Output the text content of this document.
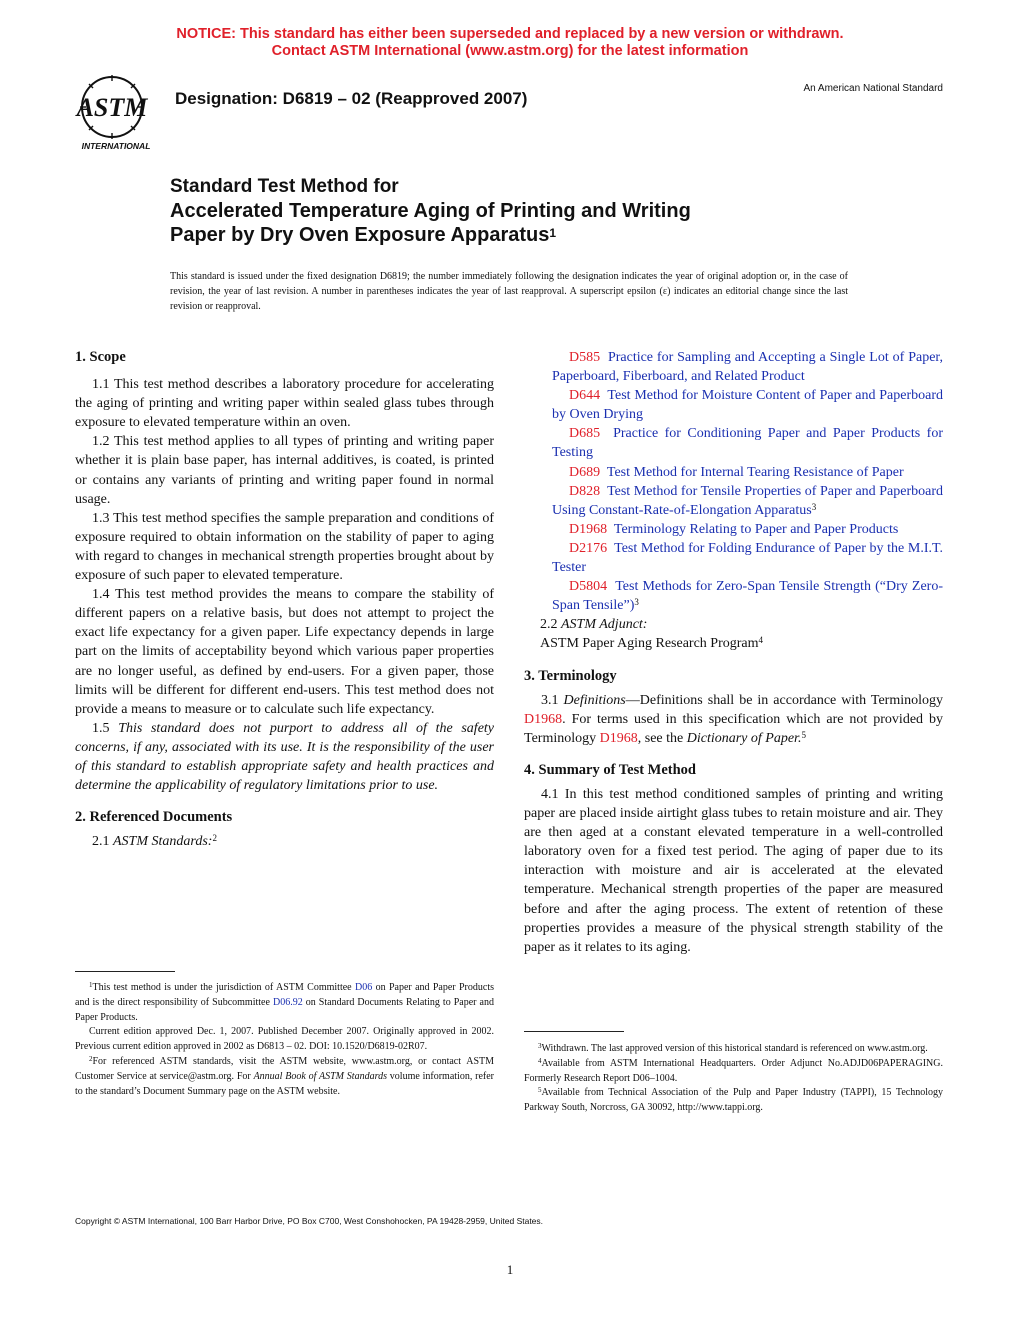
NOTICE: This standard has either been superseded and replaced by a new version or withdrawn.
Contact ASTM International (www.astm.org) for the latest information
ASTM
INTERNATIONAL
Designation: D6819 – 02 (Reapproved 2007)
An American National Standard
Standard Test Method for
Accelerated Temperature Aging of Printing and Writing
Paper by Dry Oven Exposure Apparatus$^1$
This standard is issued under the fixed designation D6819; the number immediately following the designation indicates the year of original adoption or, in the case of revision, the year of last revision. A number in parentheses indicates the year of last reapproval. A superscript epsilon (ε) indicates an editorial change since the last revision or reapproval.
1. Scope

1.1 This test method describes a laboratory procedure for accelerating the aging of printing and writing paper within sealed glass tubes through exposure to elevated temperature within an oven.

1.2 This test method applies to all types of printing and writing paper whether it is plain base paper, has internal additives, is coated, is printed or contains any variants of printing and writing paper found in normal usage.

1.3 This test method specifies the sample preparation and conditions of exposure required to obtain information on the stability of paper to aging with regard to changes in mechanical strength properties brought about by exposure of such paper to elevated temperature.

1.4 This test method provides the means to compare the stability of different papers on a relative basis, but does not attempt to project the exact life expectancy for a given paper. Life expectancy depends in large part on the limits of acceptability beyond which various paper properties are no longer useful, as defined by end-users. For a given paper, those limits will be different for different end-users. This test method does not provide a means to measure or to calculate such life expectancy.

1.5 This standard does not purport to address all of the safety concerns, if any, associated with its use. It is the responsibility of the user of this standard to establish appropriate safety and health practices and determine the applicability of regulatory limitations prior to use.

2. Referenced Documents

2.1 ASTM Standards:$^2$

$^1$This test method is under the jurisdiction of ASTM Committee D06 on Paper and Paper Products and is the direct responsibility of Subcommittee D06.92 on Standard Documents Relating to Paper and Paper Products.

Current edition approved Dec. 1, 2007. Published December 2007. Originally approved in 2002. Previous current edition approved in 2002 as D6813 – 02. DOI: 10.1520/D6819-02R07.

$^2$For referenced ASTM standards, visit the ASTM website, www.astm.org, or contact ASTM Customer Service at service@astm.org. For Annual Book of ASTM Standards volume information, refer to the standard’s Document Summary page on the ASTM website.

D585 Practice for Sampling and Accepting a Single Lot of Paper, Paperboard, Fiberboard, and Related Product

D644 Test Method for Moisture Content of Paper and Paperboard by Oven Drying

D685 Practice for Conditioning Paper and Paper Products for Testing

D689 Test Method for Internal Tearing Resistance of Paper

D828 Test Method for Tensile Properties of Paper and Paperboard Using Constant-Rate-of-Elongation Apparatus$^3$

D1968 Terminology Relating to Paper and Paper Products

D2176 Test Method for Folding Endurance of Paper by the M.I.T. Tester

D5804 Test Methods for Zero-Span Tensile Strength (“Dry Zero-Span Tensile”)$^3$

2.2 ASTM Adjunct:

ASTM Paper Aging Research Program$^4$

3. Terminology

3.1 Definitions—Definitions shall be in accordance with Terminology D1968. For terms used in this specification which are not provided by Terminology D1968, see the Dictionary of Paper.$^5$

4. Summary of Test Method

4.1 In this test method conditioned samples of printing and writing paper are placed inside airtight glass tubes to retain moisture and air. They are then aged at a constant elevated temperature in a well-controlled laboratory oven for a fixed test period. The aging of paper due to its interaction with moisture and air is accelerated at the elevated temperature. Mechanical strength properties of the paper are measured before and after the aging process. The extent of retention of these properties provides a measure of the physical strength stability of the paper as it relates to its aging.

$^3$Withdrawn. The last approved version of this historical standard is referenced on www.astm.org.

$^4$Available from ASTM International Headquarters. Order Adjunct No.ADJD06PAPERAGING. Formerly Research Report D06–1004.

$^5$Available from Technical Association of the Pulp and Paper Industry (TAPPI), 15 Technology Parkway South, Norcross, GA 30092, http://www.tappi.org.

Copyright © ASTM International, 100 Barr Harbor Drive, PO Box C700, West Conshohocken, PA 19428-2959, United States.
1
